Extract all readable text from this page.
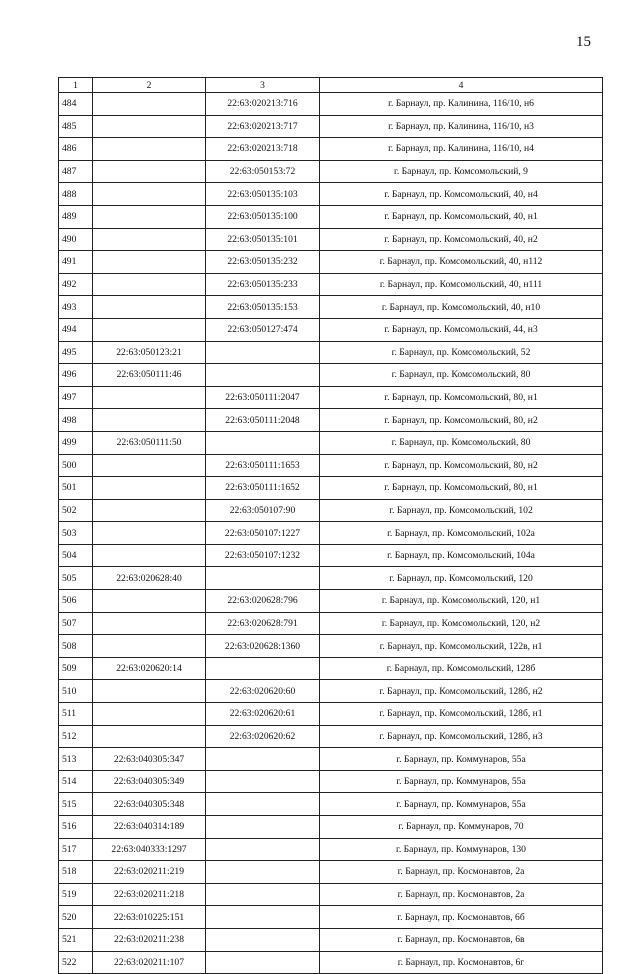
15
1	2	3	4
484		22:63:020213:716	г. Барнаул, пр. Калинина, 116/10, н6
485		22:63:020213:717	г. Барнаул, пр. Калинина, 116/10, н3
486		22:63:020213:718	г. Барнаул, пр. Калинина, 116/10, н4
487		22:63:050153:72	г. Барнаул, пр. Комсомольский, 9
488		22:63:050135:103	г. Барнаул, пр. Комсомольский, 40, н4
489		22:63:050135:100	г. Барнаул, пр. Комсомольский, 40, н1
490		22:63:050135:101	г. Барнаул, пр. Комсомольский, 40, н2
491		22:63:050135:232	г. Барнаул, пр. Комсомольский, 40, н112
492		22:63:050135:233	г. Барнаул, пр. Комсомольский, 40, н111
493		22:63:050135:153	г. Барнаул, пр. Комсомольский, 40, н10
494		22:63:050127:474	г. Барнаул, пр. Комсомольский, 44, н3
495	22:63:050123:21		г. Барнаул, пр. Комсомольский, 52
496	22:63:050111:46		г. Барнаул, пр. Комсомольский, 80
497		22:63:050111:2047	г. Барнаул, пр. Комсомольский, 80, н1
498		22:63:050111:2048	г. Барнаул, пр. Комсомольский, 80, н2
499	22:63:050111:50		г. Барнаул, пр. Комсомольский, 80
500		22:63:050111:1653	г. Барнаул, пр. Комсомольский, 80, н2
501		22:63:050111:1652	г. Барнаул, пр. Комсомольский, 80, н1
502		22:63:050107:90	г. Барнаул, пр. Комсомольский, 102
503		22:63:050107:1227	г. Барнаул, пр. Комсомольский, 102а
504		22:63:050107:1232	г. Барнаул, пр. Комсомольский, 104а
505	22:63:020628:40		г. Барнаул, пр. Комсомольский, 120
506		22:63:020628:796	г. Барнаул, пр. Комсомольский, 120, н1
507		22:63:020628:791	г. Барнаул, пр. Комсомольский, 120, н2
508		22:63:020628:1360	г. Барнаул, пр. Комсомольский, 122в, н1
509	22:63:020620:14		г. Барнаул, пр. Комсомольский, 128б
510		22:63:020620:60	г. Барнаул, пр. Комсомольский, 128б, н2
511		22:63:020620:61	г. Барнаул, пр. Комсомольский, 128б, н1
512		22:63:020620:62	г. Барнаул, пр. Комсомольский, 128б, н3
513	22:63:040305:347		г. Барнаул, пр. Коммунаров, 55а
514	22:63:040305:349		г. Барнаул, пр. Коммунаров, 55а
515	22:63:040305:348		г. Барнаул, пр. Коммунаров, 55а
516	22:63:040314:189		г. Барнаул, пр. Коммунаров, 70
517	22:63:040333:1297		г. Барнаул, пр. Коммунаров, 130
518	22:63:020211:219		г. Барнаул, пр. Космонавтов, 2а
519	22:63:020211:218		г. Барнаул, пр. Космонавтов, 2а
520	22:63:010225:151		г. Барнаул, пр. Космонавтов, 6б
521	22:63:020211:238		г. Барнаул, пр. Космонавтов, 6в
522	22:63:020211:107		г. Барнаул, пр. Космонавтов, 6г
